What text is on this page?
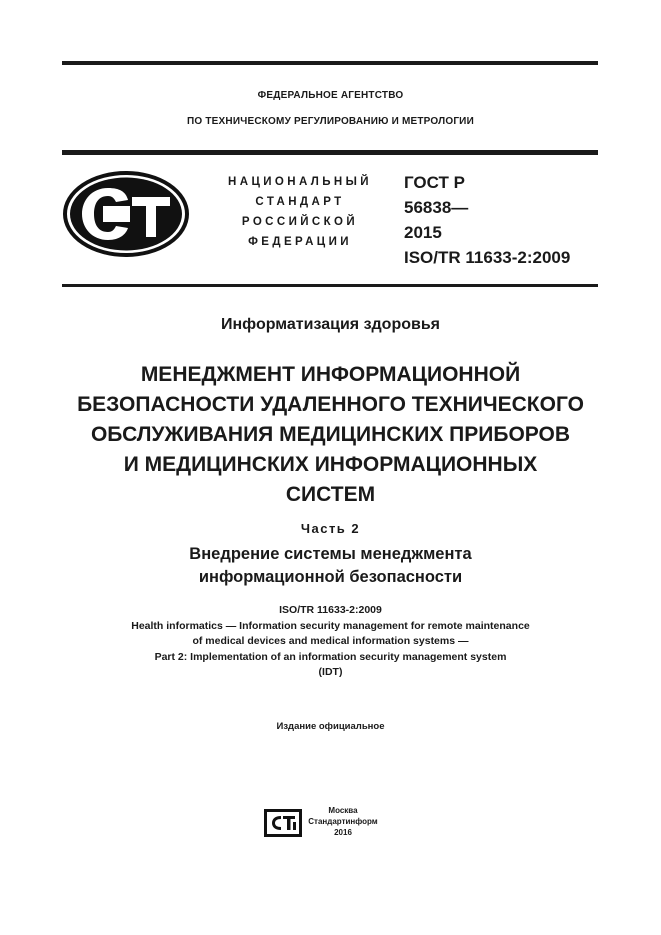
ФЕДЕРАЛЬНОЕ АГЕНТСТВО
ПО ТЕХНИЧЕСКОМУ РЕГУЛИРОВАНИЮ И МЕТРОЛОГИИ
НАЦИОНАЛЬНЫЙ
СТАНДАРТ
РОССИЙСКОЙ
ФЕДЕРАЦИИ
ГОСТ Р
56838—
2015
ISO/TR 11633-2:2009
Информатизация здоровья
МЕНЕДЖМЕНТ ИНФОРМАЦИОННОЙ
БЕЗОПАСНОСТИ УДАЛЕННОГО ТЕХНИЧЕСКОГО
ОБСЛУЖИВАНИЯ МЕДИЦИНСКИХ ПРИБОРОВ
И МЕДИЦИНСКИХ ИНФОРМАЦИОННЫХ
СИСТЕМ
Часть 2
Внедрение системы менеджмента
информационной безопасности
ISO/TR 11633-2:2009
Health informatics — Information security management for remote maintenance
of medical devices and medical information systems —
Part 2: Implementation of an information security management system
(IDT)
Издание официальное
Москва
Стандартинформ
2016
